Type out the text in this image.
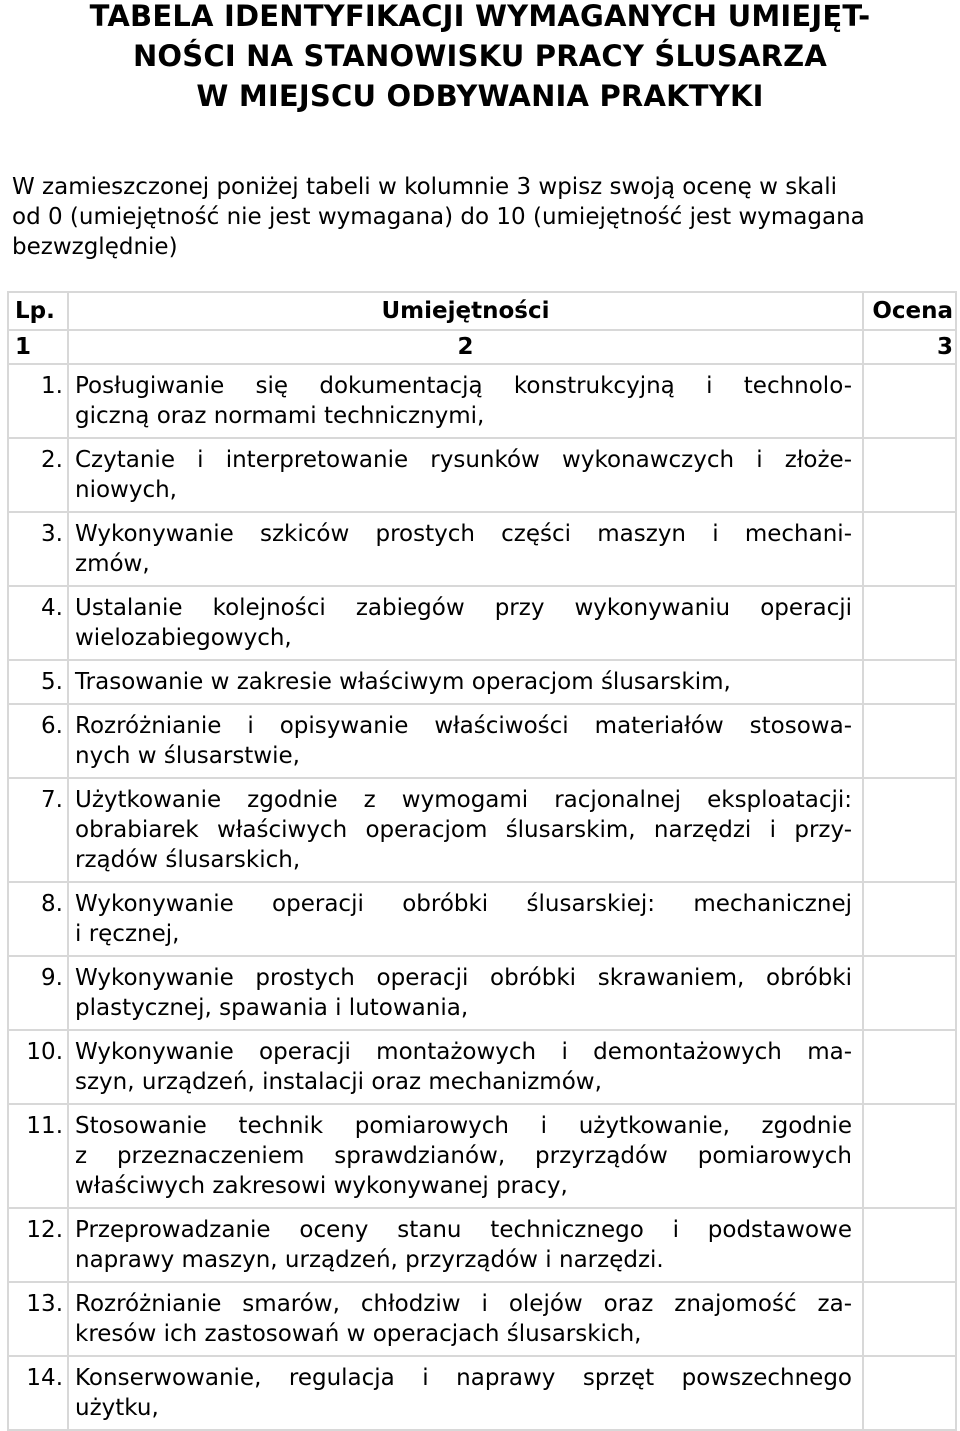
TABELA IDENTYFIKACJI WYMAGANYCH UMIEJĘT-
NOŚCI NA STANOWISKU PRACY ŚLUSARZA
W MIEJSCU ODBYWANIA PRAKTYKI
W zamieszczonej poniżej tabeli w kolumnie 3 wpisz swoją ocenę w skali
od 0 (umiejętność nie jest wymagana) do 10 (umiejętność jest wymagana
bezwzględnie)
Lp.	Umiejętności	Ocena
1	2	3
1.	Posługiwanie się dokumentacją konstrukcyjną i technolo-
giczną oraz normami technicznymi,	

2.	Czytanie i interpretowanie rysunków wykonawczych i złoże-
niowych,	

3.	Wykonywanie szkiców prostych części maszyn i mechani-
zmów,	

4.	Ustalanie kolejności zabiegów przy wykonywaniu operacji
wielozabiegowych,	

5.	Trasowanie w zakresie właściwym operacjom ślusarskim,	

6.	Rozróżnianie i opisywanie właściwości materiałów stosowa-
nych w ślusarstwie,	

7.	Użytkowanie zgodnie z wymogami racjonalnej eksploatacji:
obrabiarek właściwych operacjom ślusarskim, narzędzi i przy-
rządów ślusarskich,	

8.	Wykonywanie operacji obróbki ślusarskiej: mechanicznej
i ręcznej,	

9.	Wykonywanie prostych operacji obróbki skrawaniem, obróbki
plastycznej, spawania i lutowania,	

10.	Wykonywanie operacji montażowych i demontażowych ma-
szyn, urządzeń, instalacji oraz mechanizmów,	

11.	Stosowanie technik pomiarowych i użytkowanie, zgodnie
z przeznaczeniem sprawdzianów, przyrządów pomiarowych
właściwych zakresowi wykonywanej pracy,	

12.	Przeprowadzanie oceny stanu technicznego i podstawowe
naprawy maszyn, urządzeń, przyrządów i narzędzi.	

13.	Rozróżnianie smarów, chłodziw i olejów oraz znajomość za-
kresów ich zastosowań w operacjach ślusarskich,	

14.	Konserwowanie, regulacja i naprawy sprzęt powszechnego
użytku,	
